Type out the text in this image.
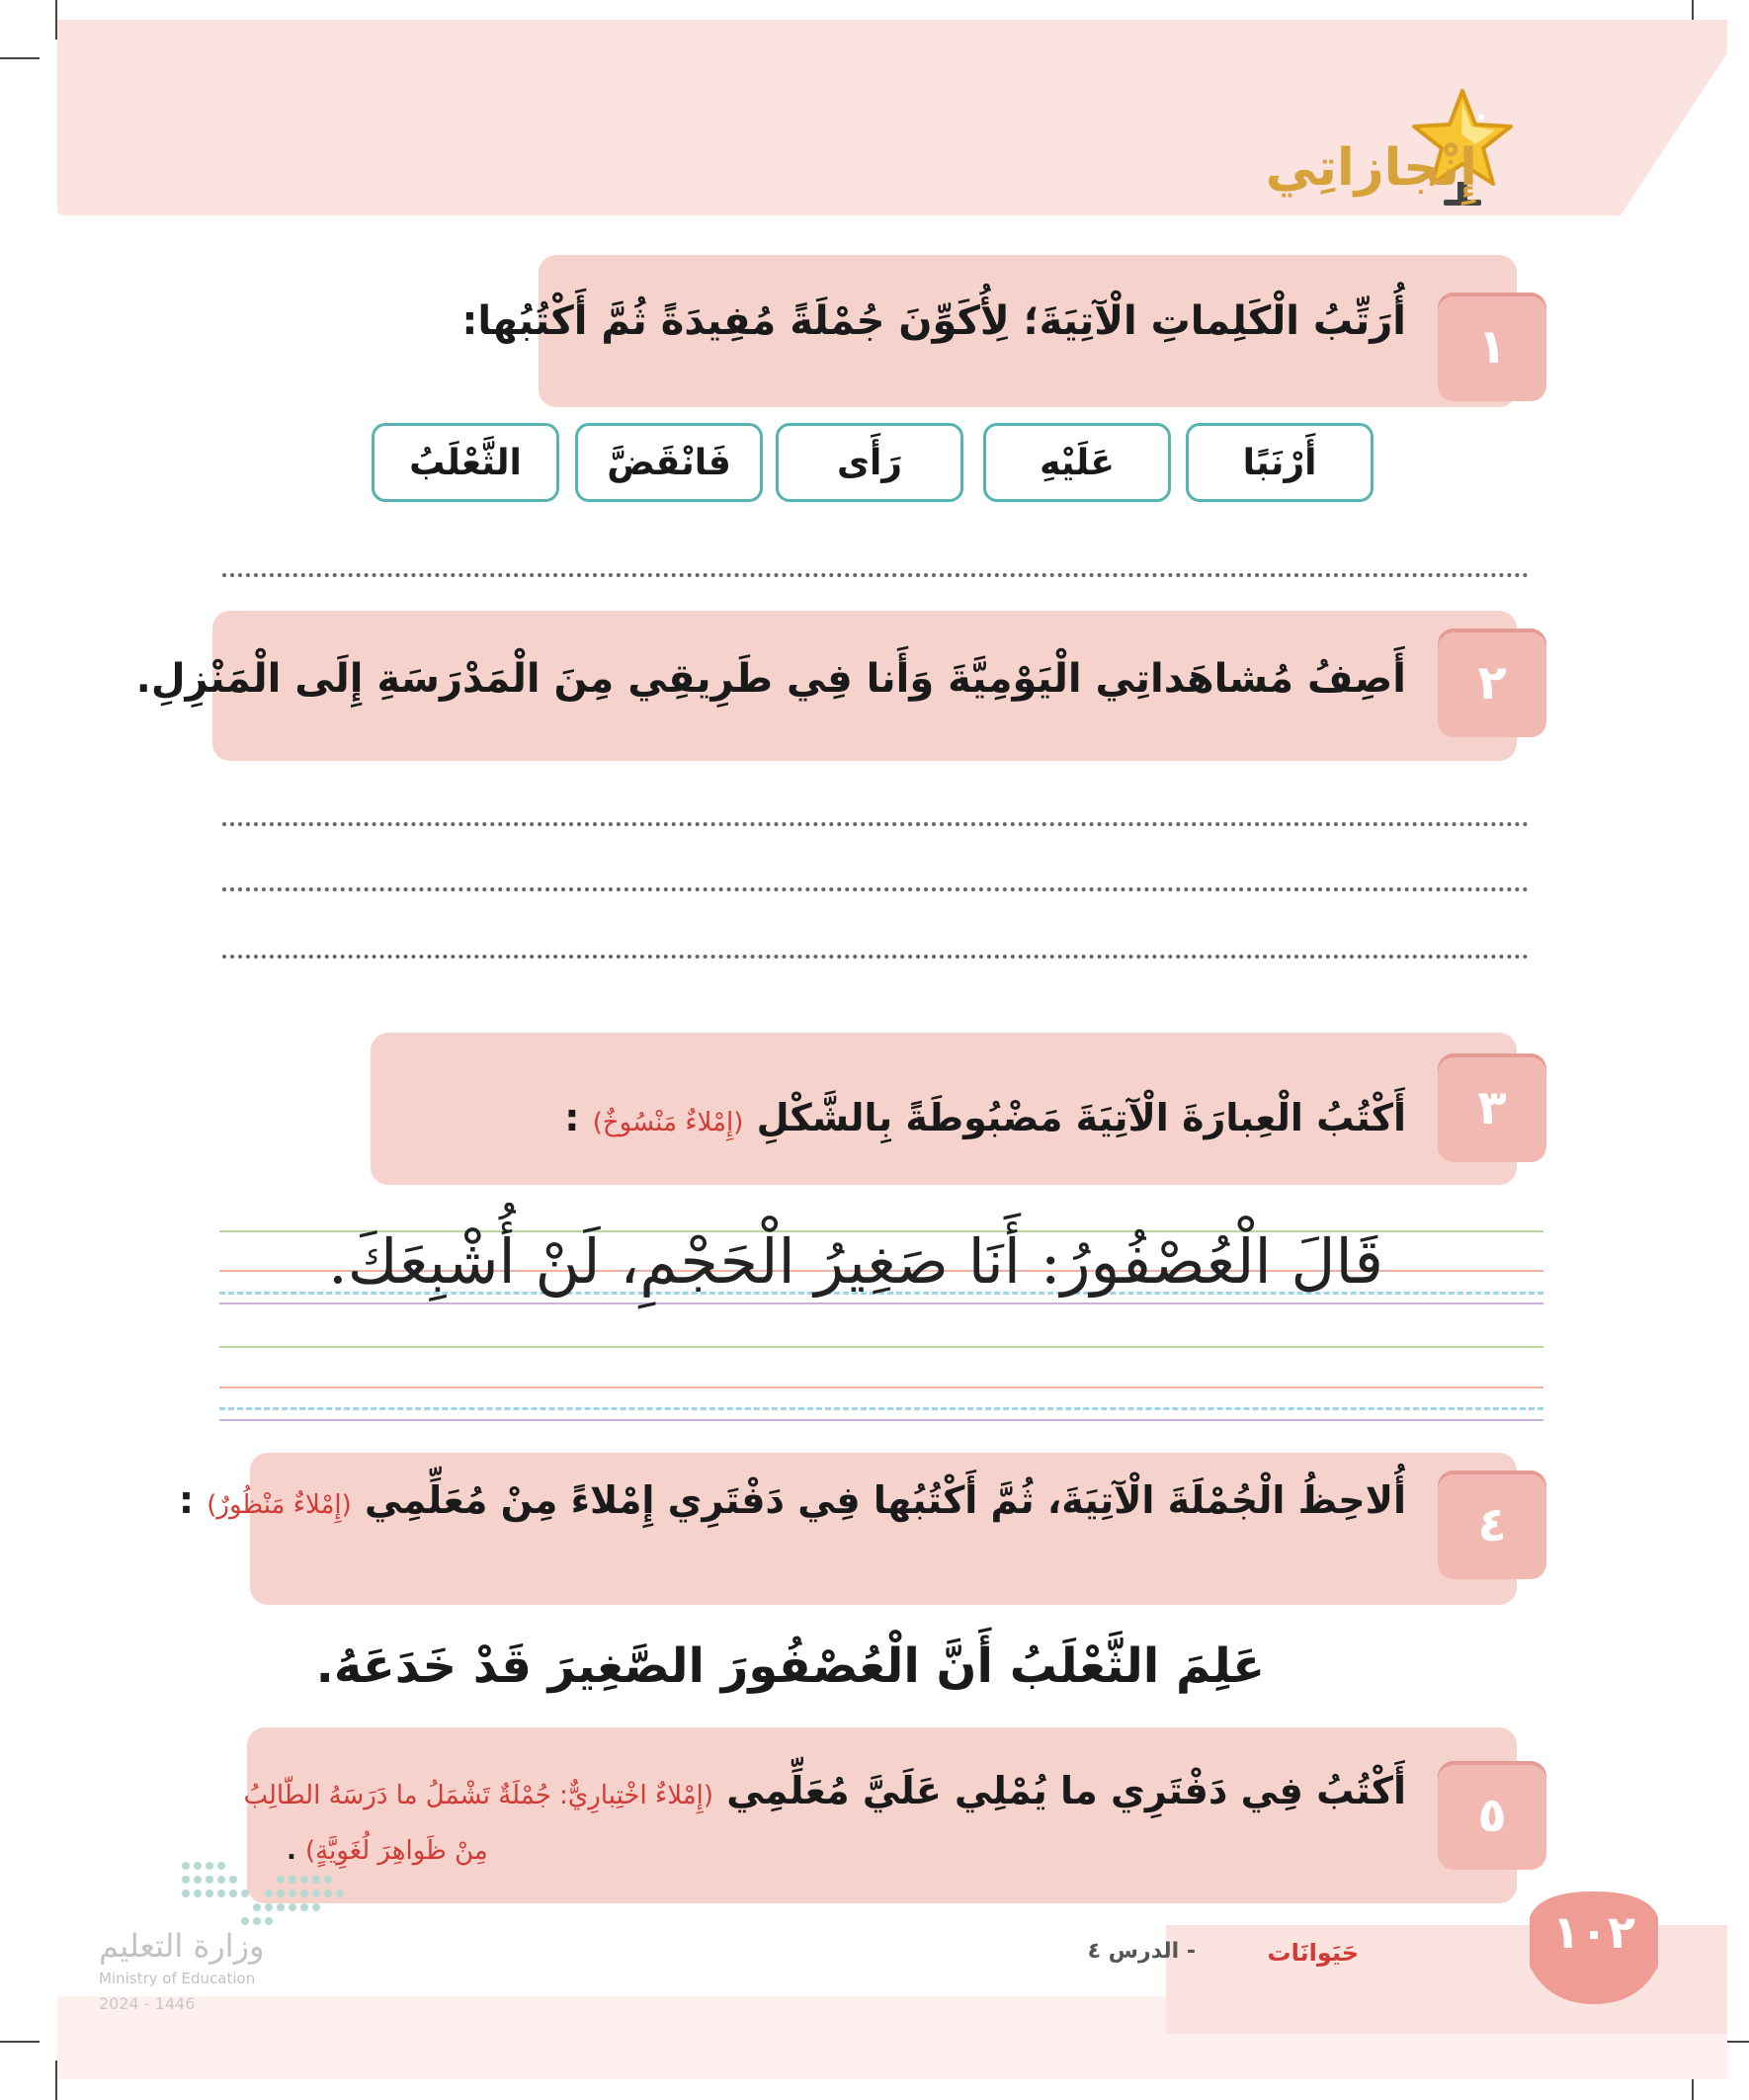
إِنْجازاتِي
أُرَتِّبُ الْكَلِماتِ الْآتِيَةَ؛ لِأُكَوِّنَ جُمْلَةً مُفِيدَةً ثُمَّ أَكْتُبُها:	١
أَرْنَبًا
عَلَيْهِ
رَأَى
فَانْقَضَّ
الثَّعْلَبُ
أَصِفُ مُشاهَداتِي الْيَوْمِيَّةَ وَأَنا فِي طَرِيقِي مِنَ الْمَدْرَسَةِ إِلَى الْمَنْزِلِ.	٢
أَكْتُبُ الْعِبارَةَ الْآتِيَةَ مَضْبُوطَةً بِالشَّكْلِ (إِمْلاءٌ مَنْسُوخٌ) :	٣
قَالَ الْعُصْفُورُ: أَنَا صَغِيرُ الْحَجْمِ، لَنْ أُشْبِعَكَ.
أُلاحِظُ الْجُمْلَةَ الْآتِيَةَ، ثُمَّ أَكْتُبُها فِي دَفْتَرِي إِمْلاءً مِنْ مُعَلِّمِي (إِمْلاءٌ مَنْظُورٌ) :	٤
عَلِمَ الثَّعْلَبُ أَنَّ الْعُصْفُورَ الصَّغِيرَ قَدْ خَدَعَهُ.
أَكْتُبُ فِي دَفْتَرِي ما يُمْلِي عَلَيَّ مُعَلِّمِي (إِمْلاءٌ اخْتِبارِيٌّ: جُمْلَةٌ تَشْمَلُ ما دَرَسَهُ الطّالِبُ
مِنْ ظَواهِرَ لُغَوِيَّةٍ) .
٥
١٠٢
حَيَوانَات
- الدرس ٤
وزارة التعليم
Ministry of Education
2024 - 1446
